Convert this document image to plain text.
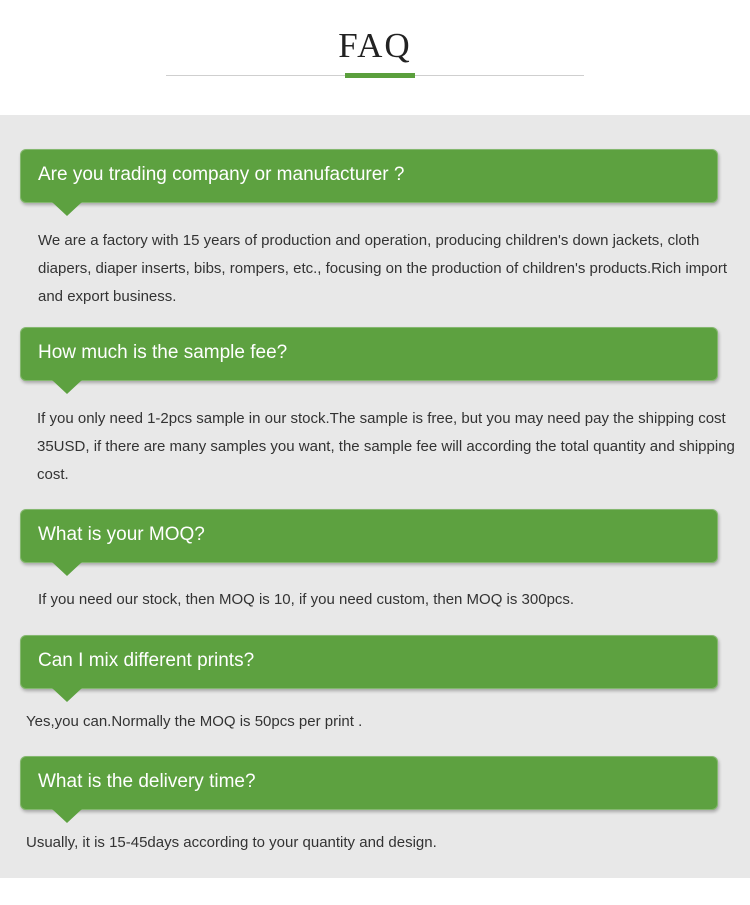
FAQ
Are you trading company or manufacturer ?

We are a factory with 15 years of production and operation, producing children's down jackets, cloth diapers, diaper inserts, bibs, rompers, etc., focusing on the production of children's products.Rich import and export business.

How much is the sample fee?

If you only need 1-2pcs sample in our stock.The sample is free, but you may need pay the shipping cost 35USD, if there are many samples you want, the sample fee will according the total quantity and shipping cost.

What is your MOQ?

If you need our stock, then MOQ is 10, if you need custom, then MOQ is 300pcs.

Can I mix different prints?

Yes,you can.Normally the MOQ is 50pcs per print .

What is the delivery time?

Usually, it is 15-45days according to your quantity and design.
